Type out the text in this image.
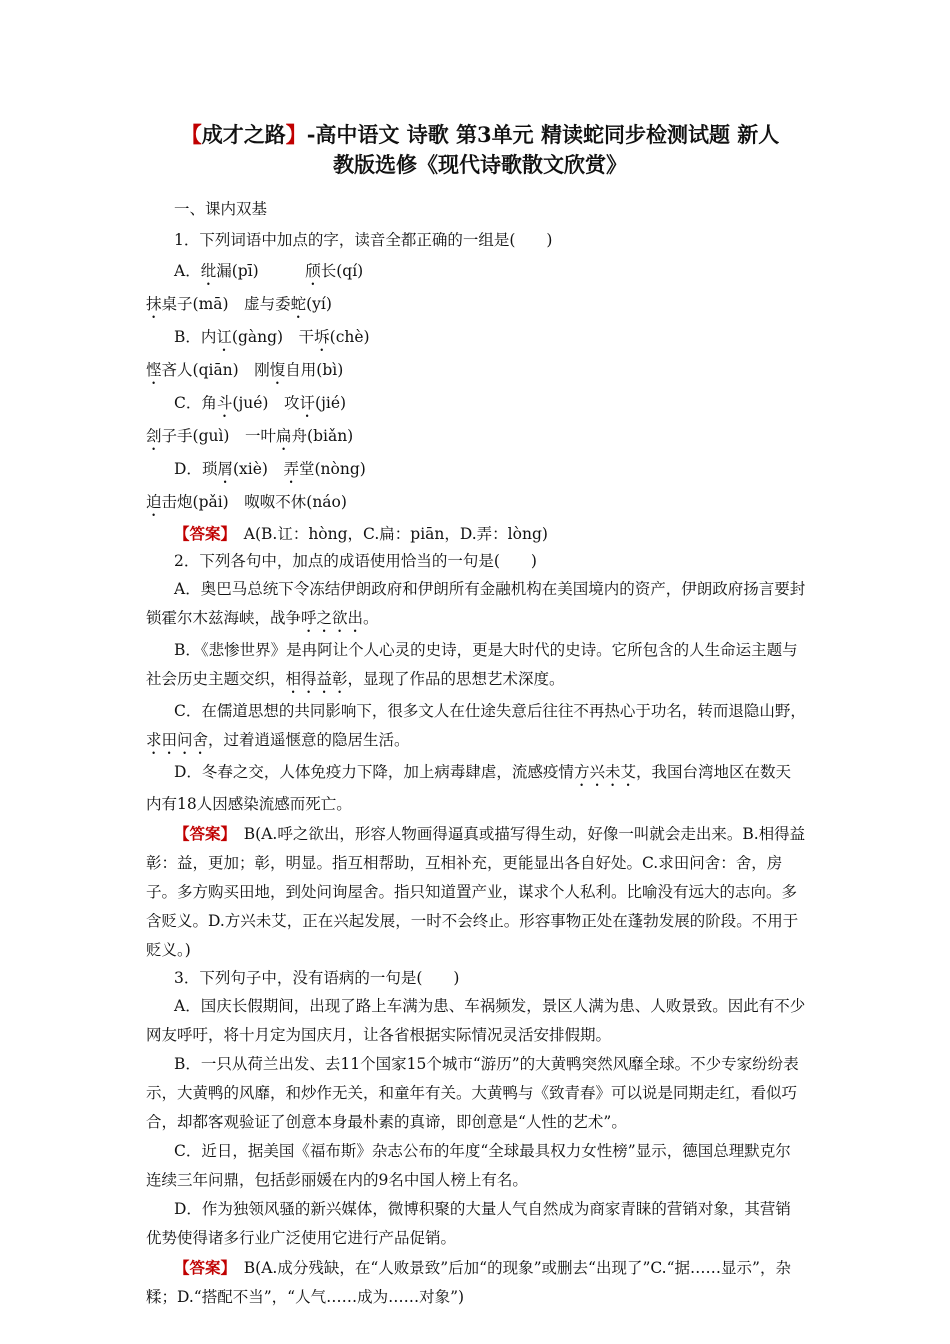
【成才之路】-高中语文 诗歌 第3单元 精读蛇同步检测试题 新人
教版选修《现代诗歌散文欣赏》
一、课内双基
1．下列词语中加点的字，读音全都正确的一组是(　　)
A．纰漏(pī)　　　	颀长(qí)
抹桌子(mā)　 虚与委蛇(yí)
B．内讧(gàng)　 干坼(chè)
悭吝人(qiān)　 刚愎自用(bì)
C．角斗(jué)　 攻讦(jié)
刽子手(guì)　 一叶扁舟(biǎn)
D．琐屑(xiè)　 弄堂(nòng)
迫击炮(pǎi)　 呶呶不休(náo)
【答案】　A(B.讧：hòng，C.扁：piān，D.弄：lòng)
2．下列各句中，加点的成语使用恰当的一句是(　　)
A．奥巴马总统下令冻结伊朗政府和伊朗所有金融机构在美国境内的资产，伊朗政府扬言要封锁霍尔木兹海峡，战争呼之欲出。
B．《悲惨世界》是冉阿让个人心灵的史诗，更是大时代的史诗。它所包含的人生命运主题与社会历史主题交织，相得益彰，显现了作品的思想艺术深度。
C．在儒道思想的共同影响下，很多文人在仕途失意后往往不再热心于功名，转而退隐山野，求田问舍，过着逍遥惬意的隐居生活。
D．冬春之交，人体免疫力下降，加上病毒肆虐，流感疫情方兴未艾，我国台湾地区在数天内有18人因感染流感而死亡。
【答案】　B(A.呼之欲出，形容人物画得逼真或描写得生动，好像一叫就会走出来。B.相得益彰：益，更加；彰，明显。指互相帮助，互相补充，更能显出各自好处。C.求田问舍：舍，房子。多方购买田地，到处问询屋舍。指只知道置产业，谋求个人私利。比喻没有远大的志向。多含贬义。D.方兴未艾，正在兴起发展，一时不会终止。形容事物正处在蓬勃发展的阶段。不用于贬义。)
3．下列句子中，没有语病的一句是(　　)
A．国庆长假期间，出现了路上车满为患、车祸频发，景区人满为患、人败景致。因此有不少网友呼吁，将十月定为国庆月，让各省根据实际情况灵活安排假期。
B．一只从荷兰出发、去11个国家15个城市“游历”的大黄鸭突然风靡全球。不少专家纷纷表示，大黄鸭的风靡，和炒作无关，和童年有关。大黄鸭与《致青春》可以说是同期走红，看似巧合，却都客观验证了创意本身最朴素的真谛，即创意是“人性的艺术”。
C．近日，据美国《福布斯》杂志公布的年度“全球最具权力女性榜”显示，德国总理默克尔连续三年问鼎，包括彭丽媛在内的9名中国人榜上有名。
D．作为独领风骚的新兴媒体，微博积聚的大量人气自然成为商家青睐的营销对象，其营销优势使得诸多行业广泛使用它进行产品促销。
【答案】　B(A.成分残缺，在“人败景致”后加“的现象”或删去“出现了”C.“据……显示”，杂糅；D.“搭配不当”，“人气……成为……对象”)
